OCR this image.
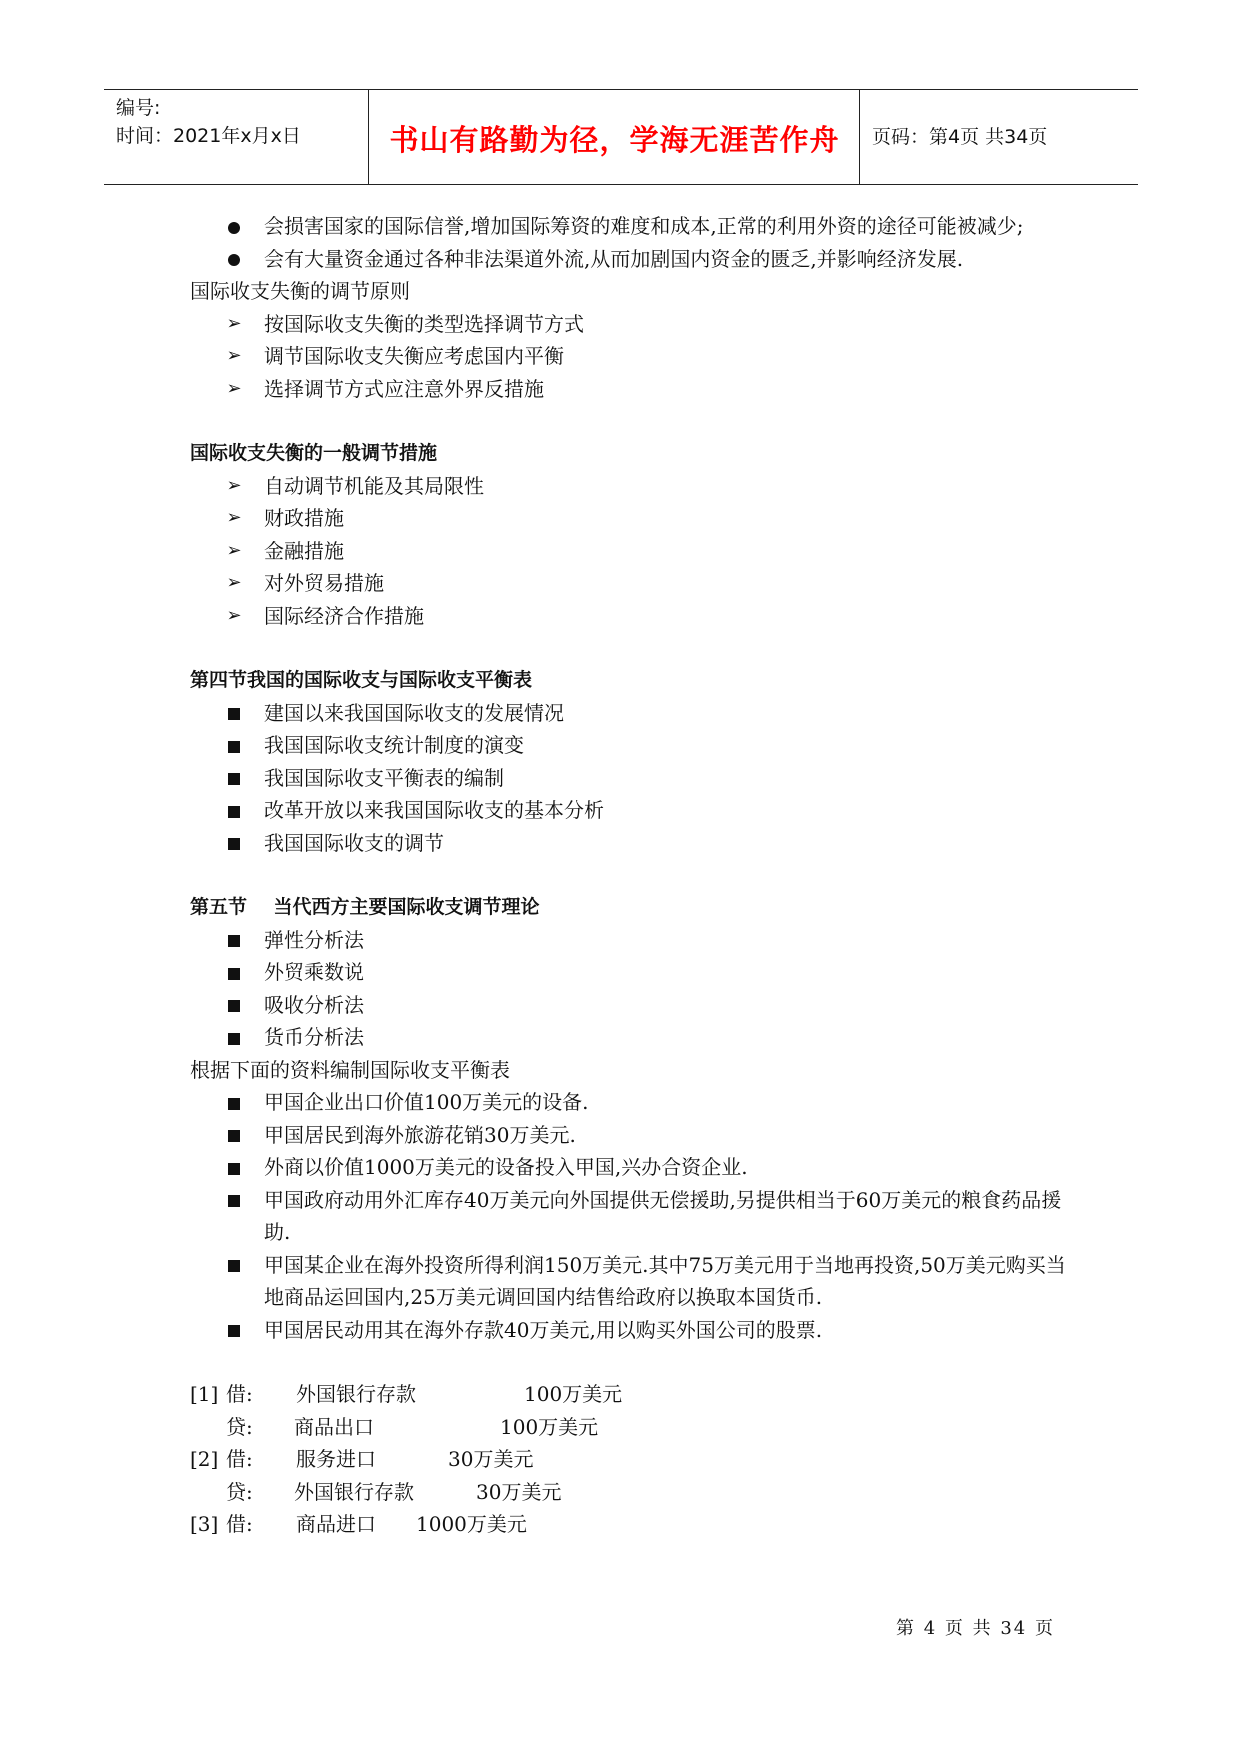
编号:
时间：2021年x月x日	书山有路勤为径，学海无涯苦作舟	页码：第4页 共34页
会损害国家的国际信誉,增加国际筹资的难度和成本,正常的利用外资的途径可能被减少;
会有大量资金通过各种非法渠道外流,从而加剧国内资金的匮乏,并影响经济发展.
国际收支失衡的调节原则
➢ 按国际收支失衡的类型选择调节方式
➢ 调节国际收支失衡应考虑国内平衡
➢ 选择调节方式应注意外界反措施
国际收支失衡的一般调节措施
➢ 自动调节机能及其局限性
➢ 财政措施
➢ 金融措施
➢ 对外贸易措施
➢ 国际经济合作措施
第四节我国的国际收支与国际收支平衡表
建国以来我国国际收支的发展情况
我国国际收支统计制度的演变
我国国际收支平衡表的编制
改革开放以来我国国际收支的基本分析
我国国际收支的调节
第五节    当代西方主要国际收支调节理论
弹性分析法
外贸乘数说
吸收分析法
货币分析法
根据下面的资料编制国际收支平衡表
甲国企业出口价值100万美元的设备.
甲国居民到海外旅游花销30万美元.
外商以价值1000万美元的设备投入甲国,兴办合资企业.
甲国政府动用外汇库存40万美元向外国提供无偿援助,另提供相当于60万美元的粮食药品援助.
甲国某企业在海外投资所得利润150万美元.其中75万美元用于当地再投资,50万美元购买当地商品运回国内,25万美元调回国内结售给政府以换取本国货币.
甲国居民动用其在海外存款40万美元,用以购买外国公司的股票.
[1] 借: 外国银行存款	100万美元
贷: 商品出口	100万美元
[2] 借: 服务进口	30万美元
贷: 外国银行存款	30万美元
[3] 借: 商品进口 1000万美元
第 4 页 共 34 页
